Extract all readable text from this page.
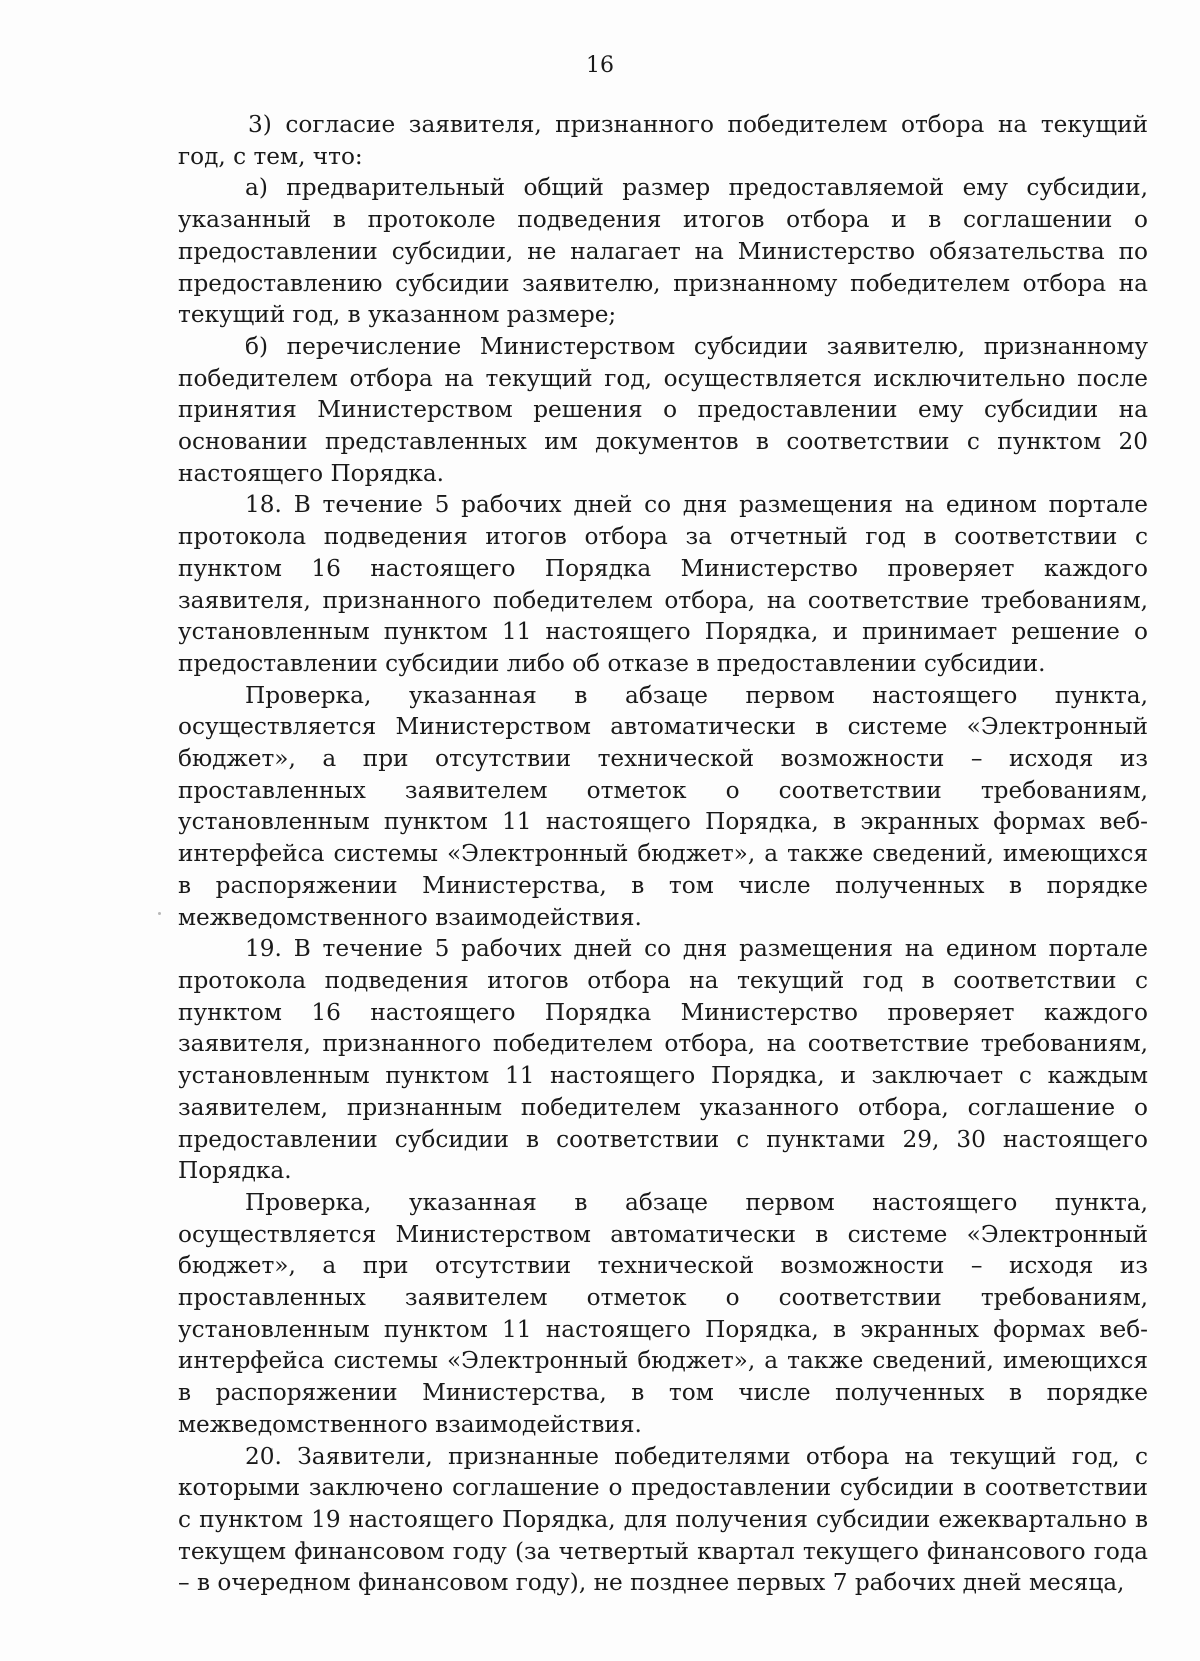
16

3) согласие заявителя, признанного победителем отбора на текущий год, с тем, что:

а) предварительный общий размер предоставляемой ему субсидии, указанный в протоколе подведения итогов отбора и в соглашении о предоставлении субсидии, не налагает на Министерство обязательства по предоставлению субсидии заявителю, признанному победителем отбора на текущий год, в указанном размере;

б) перечисление Министерством субсидии заявителю, признанному победителем отбора на текущий год, осуществляется исключительно после принятия Министерством решения о предоставлении ему субсидии на основании представленных им документов в соответствии с пунктом 20 настоящего Порядка.

18. В течение 5 рабочих дней со дня размещения на едином портале протокола подведения итогов отбора за отчетный год в соответствии с пунктом 16 настоящего Порядка Министерство проверяет каждого заявителя, признанного победителем отбора, на соответствие требованиям, установленным пунктом 11 настоящего Порядка, и принимает решение о предоставлении субсидии либо об отказе в предоставлении субсидии.

Проверка, указанная в абзаце первом настоящего пункта, осуществляется Министерством автоматически в системе «Электронный бюджет», а при отсутствии технической возможности – исходя из проставленных заявителем отметок о соответствии требованиям, установленным пунктом 11 настоящего Порядка, в экранных формах веб-интерфейса системы «Электронный бюджет», а также сведений, имеющихся в распоряжении Министерства, в том числе полученных в порядке межведомственного взаимодействия.

19. В течение 5 рабочих дней со дня размещения на едином портале протокола подведения итогов отбора на текущий год в соответствии с пунктом 16 настоящего Порядка Министерство проверяет каждого заявителя, признанного победителем отбора, на соответствие требованиям, установленным пунктом 11 настоящего Порядка, и заключает с каждым заявителем, признанным победителем указанного отбора, соглашение о предоставлении субсидии в соответствии с пунктами 29, 30 настоящего Порядка.

Проверка, указанная в абзаце первом настоящего пункта, осуществляется Министерством автоматически в системе «Электронный бюджет», а при отсутствии технической возможности – исходя из проставленных заявителем отметок о соответствии требованиям, установленным пунктом 11 настоящего Порядка, в экранных формах веб-интерфейса системы «Электронный бюджет», а также сведений, имеющихся в распоряжении Министерства, в том числе полученных в порядке межведомственного взаимодействия.

20. Заявители, признанные победителями отбора на текущий год, с которыми заключено соглашение о предоставлении субсидии в соответствии с пунктом 19 настоящего Порядка, для получения субсидии ежеквартально в текущем финансовом году (за четвертый квартал текущего финансового года – в очередном финансовом году), не позднее первых 7 рабочих дней месяца,
